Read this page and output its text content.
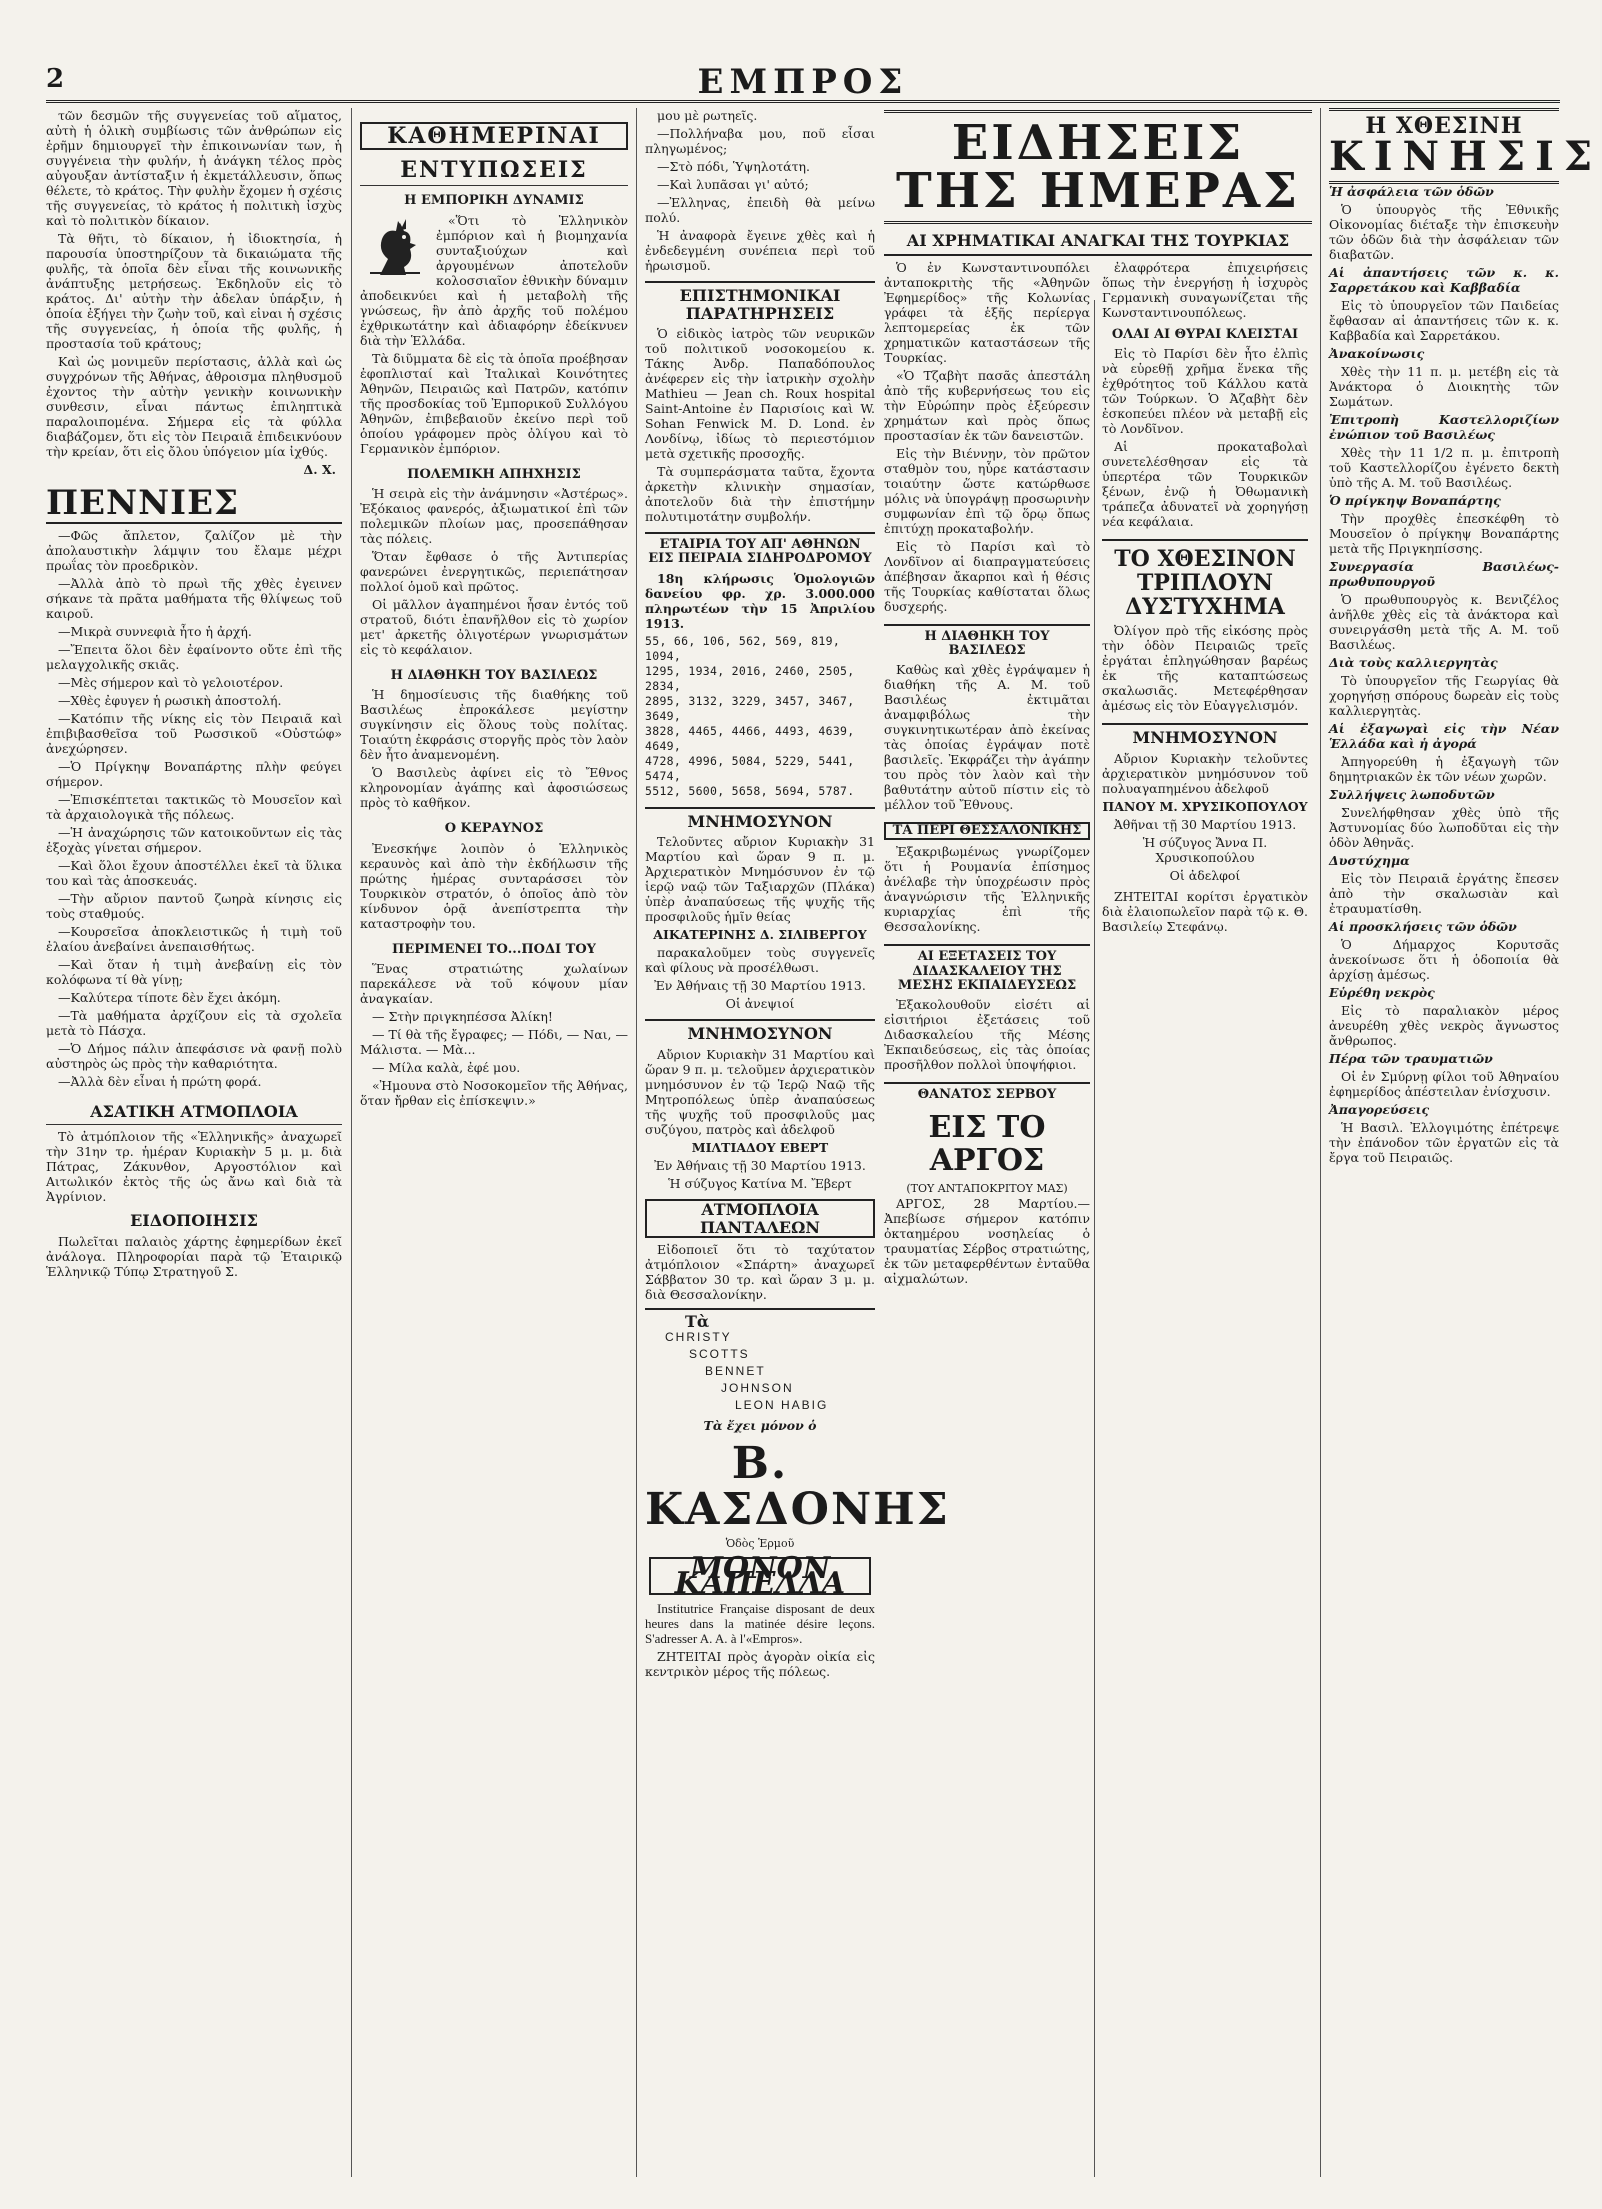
2	ΕΜΠΡΟΣ

τῶν δεσμῶν τῆς συγγενείας τοῦ αἵματος, αὐτὴ ἡ ὁλικὴ συμβίωσις τῶν ἀνθρώπων εἰς ἐρῆμν δημιουργεῖ τὴν ἐπικοινωνίαν των, ἡ συγγένεια τὴν φυλήν, ἡ ἀνάγκη τέλος πρὸς αὐγουξαν ἀντίσταξιν ἡ ἐκμετάλλευσιν, ὅπως θέλετε, τὸ κράτος. Τὴν φυλὴν ἔχομεν ἡ σχέσις τῆς συγγενείας, τὸ κράτος ἡ πολιτικὴ ἰσχὺς καὶ τὸ πολιτικὸν δίκαιον.

Τὰ θῆτι, τὸ δίκαιον, ἡ ἰδιοκτησία, ἡ παρουσία ὑποστηρίζουν τὰ δικαιώματα τῆς φυλῆς, τὰ ὁποῖα δὲν εἶναι τῆς κοινωνικῆς ἀνάπτυξης μετρήσεως. Ἐκδηλοῦν εἰς τὸ κράτος. Δι' αὐτὴν τὴν ἀδελαν ὑπάρξιν, ἡ ὁποία ἐξήγει τὴν ζωὴν τοῦ, καὶ εἰναι ἡ σχέσις τῆς συγγενείας, ἡ ὁποία τῆς φυλῆς, ἡ προστασία τοῦ κράτους;

Καὶ ὡς μονιμεῦν περίστασις, ἀλλὰ καὶ ὡς συγχρόνων τῆς Ἀθήνας, ἀθροισμα πληθυσμοῦ ἐχοντος τὴν αὐτὴν γενικὴν κοινωνικὴν συνθεσιν, εἶναι πάντως ἐπιληπτικὰ παραλοιπομένα. Σήμερα εἰς τὰ φύλλα διαβάζομεν, ὅτι εἰς τὸν Πειραιᾶ ἐπιδεικνύουν τὴν κρείαν, ὅτι εἰς ὄλου ὑπόγειον μία ἰχθύς.

Δ. Χ.
ΠΕΝΝΙΕΣ

—Φῶς ἄπλετον, ζαλίζον μὲ τὴν ἀπολαυστικὴν λάμψιν του ἔλαμε μέχρι πρωΐας τὸν προεδρικὸν.

—Ἀλλὰ ἀπὸ τὸ πρωὶ τῆς χθὲς ἐγεινεν σήκανε τὰ πρᾶτα μαθήματα τῆς θλίψεως τοῦ καιροῦ.

—Μικρὰ συννεφιὰ ἦτο ἡ ἀρχή.

—Ἔπειτα ὅλοι δὲν ἐφαίνοντο οὔτε ἐπὶ τῆς μελαγχολικῆς σκιᾶς.

—Μὲς σήμερον καὶ τὸ γελοιοτέρον.

—Χθὲς ἐφυγεν ἡ ρωσικὴ ἀποστολή.

—Κατόπιν τῆς νίκης εἰς τὸν Πειραιᾶ καὶ ἐπιβιβασθεῖσα τοῦ Ρωσσικοῦ «Οὐστώφ» ἀνεχώρησεν.

—Ὁ Πρίγκηψ Βοναπάρτης πλὴν φεύγει σήμερον.

—Ἐπισκέπτεται τακτικῶς τὸ Μουσεῖον καὶ τὰ ἀρχαιολογικὰ τῆς πόλεως.

—Ἡ ἀναχώρησις τῶν κατοικοῦντων εἰς τὰς ἑξοχὰς γίνεται σήμερον.

—Καὶ ὅλοι ἔχουν ἀποστέλλει ἐκεῖ τὰ ὕλικα του καὶ τὰς ἀποσκευάς.

—Τὴν αὔριον παντοῦ ζωηρὰ κίνησις εἰς τοὺς σταθμούς.

—Κουρσεῖσα ἀποκλειστικῶς ἡ τιμὴ τοῦ ἐλαίου ἀνεβαίνει ἀνεπαισθήτως.

—Καὶ ὅταν ἡ τιμὴ ἀνεβαίνῃ εἰς τὸν κολόφωνα τί θὰ γίνῃ;

—Καλύτερα τίποτε δὲν ἔχει ἀκόμη.

—Τὰ μαθήματα ἀρχίζουν εἰς τὰ σχολεῖα μετὰ τὸ Πάσχα.

—Ὁ Δήμος πάλιν ἀπεφάσισε νὰ φανῇ πολὺ αὐστηρὸς ὡς πρὸς τὴν καθαριότητα.

—Ἀλλὰ δὲν εἶναι ἡ πρώτη φορά.

ΑΣΑΤΙΚΗ ΑΤΜΟΠΛΟΙΑ

Τὸ ἀτμόπλοιον τῆς «Ἑλληνικῆς» ἀναχωρεῖ τὴν 31ην τρ. ἡμέραν Κυριακὴν 5 μ. μ. διὰ Πάτρας, Ζάκυνθον, Αργοστόλιον καὶ Αιτωλικόν ἐκτὸς τῆς ὡς ἄνω καὶ διὰ τὰ Ἀγρίνιον.

ΕΙΔΟΠΟΙΗΣΙΣ

Πωλεῖται παλαιὸς χάρτης ἐφημερίδων ἐκεῖ ἀνάλογα. Πληροφορίαι παρὰ τῷ Ἐταιρικῷ Ἑλληνικῷ Τύπῳ Στρατηγοῦ Σ.

ΚΑΘΗΜΕΡΙΝΑΙ
ΕΝΤΥΠΩΣΕΙΣ
Η ΕΜΠΟΡΙΚΗ ΔΥΝΑΜΙΣ

«Ὅτι τὸ Ἑλληνικὸν ἐμπόριον καὶ ἡ βιομηχανία συνταξιούχων καὶ ἀργουμένων ἀποτελοῦν κολοσσιαῖον ἐθνικὴν δύναμιν ἀποδεικνύει καὶ ἡ μεταβολὴ τῆς γνώσεως, ἣν ἀπὸ ἀρχῆς τοῦ πολέμου ἐχθρικωτάτην καὶ ἀδιαφόρην ἐδείκνυεν διὰ τὴν Ἑλλάδα.

Τὰ διῦμματα δὲ εἰς τὰ ὁποῖα προέβησαν ἐφοπλισταί καὶ Ἰταλικαὶ Κοινότητες Ἀθηνῶν, Πειραιῶς καὶ Πατρῶν, κατόπιν τῆς προσδοκίας τοῦ Ἐμπορικοῦ Συλλόγου Ἀθηνῶν, ἐπιβεβαιοῦν ἐκείνο περὶ τοῦ ὁποίου γράφομεν πρὸς ὀλίγου καὶ τὸ Γερμανικὸν ἐμπόριον.

ΠΟΛΕΜΙΚΗ ΑΠΗΧΗΣΙΣ

Ἡ σειρὰ εἰς τὴν ἀνάμνησιν «Ἀστέρως». Ἐξόκαιος φανερός, ἀξιωματικοί ἐπὶ τῶν πολεμικῶν πλοίων μας, προσεπάθησαν τὰς πόλεις.

Ὅταν ἔφθασε ὁ τῆς Ἀντιπερίας φανερώνει ἐνεργητικῶς, περιεπάτησαν πολλοί ὁμοῦ καὶ πρῶτος.

Οἱ μᾶλλον ἀγαπημένοι ἦσαν ἐντός τοῦ στρατοῦ, διότι ἐπανῆλθον εἰς τὸ χωρίον μετ' ἀρκετῆς ὀλιγοτέρων γνωρισμάτων εἰς τὸ κεφάλαιον.

Η ΔΙΑΘΗΚΗ ΤΟΥ ΒΑΣΙΛΕΩΣ

Ἡ δημοσίευσις τῆς διαθήκης τοῦ Βασιλέως ἐπροκάλεσε μεγίστην συγκίνησιν εἰς ὅλους τοὺς πολίτας. Τοιαύτη ἐκφράσις στοργῆς πρὸς τὸν λαὸν δὲν ἦτο ἀναμενομένη.

Ὁ Βασιλεὺς ἀφίνει εἰς τὸ Ἔθνος κληρονομίαν ἀγάπης καὶ ἀφοσιώσεως πρὸς τὸ καθῆκον.

Ο ΚΕΡΑΥΝΟΣ

Ἐνεσκήψε λοιπὸν ὁ Ἑλληνικὸς κεραυνὸς καὶ ἀπὸ τὴν ἐκδήλωσιν τῆς πρώτης ἡμέρας συνταράσσει τὸν Τουρκικὸν στρατόν, ὁ ὁποῖος ἀπὸ τὸν κίνδυνον ὁρᾷ ἀνεπίστρεπτα τὴν καταστροφὴν του.

ΠΕΡΙΜΕΝΕΙ ΤΟ...ΠΟΔΙ ΤΟΥ

Ἕνας στρατιώτης χωλαίνων παρεκάλεσε νὰ τοῦ κόψουν μίαν ἀναγκαίαν.

— Στὴν πριγκηπέσσα Ἀλίκη!

— Τί θὰ τῆς ἔγραφες; — Πόδι, — Ναι, — Μάλιστα. — Μὰ...

— Μίλα καλὰ, ἐφέ μου.

«Ἠμουνα στὸ Νοσοκομεῖον τῆς Ἀθήνας, ὅταν ἤρθαν εἰς ἐπίσκεψιν.»

μου μὲ ρωτηεῖς.

—Πολλήναβα μου, ποῦ εἶσαι πληγωμένος;

—Στὸ πόδι, Ὑψηλοτάτη.

—Καὶ λυπᾶσαι γι' αὐτό;

—Ἐλληνας, ἐπειδὴ θὰ μείνω πολύ.

Ἡ ἀναφορὰ ἔγεινε χθὲς καὶ ἡ ἐνδεδεγμένη συνέπεια περὶ τοῦ ἡρωισμοῦ.

ΕΠΙΣΤΗΜΟΝΙΚΑΙ ΠΑΡΑΤΗΡΗΣΕΙΣ

Ὁ εἰδικὸς ἰατρὸς τῶν νευρικῶν τοῦ πολιτικοῦ νοσοκομείου κ. Τάκης Ἀνδρ. Παπαδόπουλος ἀνέφερεν εἰς τὴν ἰατρικὴν σχολὴν Mathieu — Jean ch. Roux hospital Saint-Antoine ἐν Παρισίοις καὶ W. Sohan Fenwick Μ. D. Lond. ἐν Λονδίνῳ, ἰδίως τὸ περιεστόμιον μετὰ σχετικῆς προσοχῆς.

Τὰ συμπεράσματα ταῦτα, ἔχοντα ἀρκετὴν κλινικὴν σημασίαν, ἀποτελοῦν διὰ τὴν ἐπιστήμην πολυτιμοτάτην συμβολήν.

ΕΤΑΙΡΙΑ ΤΟΥ ΑΠ' ΑΘΗΝΩΝ ΕΙΣ ΠΕΙΡΑΙΑ ΣΙΔΗΡΟΔΡΟΜΟΥ

18η κλήρωσις Ὁμολογιῶν δανείου φρ. χρ. 3.000.000 πληρωτέων τὴν 15 Ἀπριλίου 1913.

55, 66, 106, 562, 569, 819, 1094,
1295, 1934, 2016, 2460, 2505, 2834,
2895, 3132, 3229, 3457, 3467, 3649,
3828, 4465, 4466, 4493, 4639, 4649,
4728, 4996, 5084, 5229, 5441, 5474,
5512, 5600, 5658, 5694, 5787.
ΜΝΗΜΟΣΥΝΟΝ

Τελοῦντες αὔριον Κυριακὴν 31 Μαρτίου καὶ ὥραν 9 π. μ. Ἀρχιερατικὸν Μνημόσυνον ἐν τῷ ἱερῷ ναῷ τῶν Ταξιαρχῶν (Πλάκα) ὑπὲρ ἀναπαύσεως τῆς ψυχῆς τῆς προσφιλοῦς ἡμῖν θείας

ΑΙΚΑΤΕΡΙΝΗΣ Δ. ΣΙΛΙΒΕΡΓΟΥ

παρακαλοῦμεν τοὺς συγγενεῖς καὶ φίλους νὰ προσέλθωσι.

Ἐν Ἀθήναις τῇ 30 Μαρτίου 1913.

Οἱ ἀνεψιοί

ΜΝΗΜΟΣΥΝΟΝ

Αὔριον Κυριακὴν 31 Μαρτίου καὶ ὥραν 9 π. μ. τελοῦμεν ἀρχιερατικὸν μνημόσυνον ἐν τῷ Ἱερῷ Ναῷ τῆς Μητροπόλεως ὑπὲρ ἀναπαύσεως τῆς ψυχῆς τοῦ προσφιλοῦς μας συζύγου, πατρὸς καὶ ἀδελφοῦ

ΜΙΛΤΙΑΔΟΥ ΕΒΕΡΤ

Ἐν Ἀθήναις τῇ 30 Μαρτίου 1913.

Ἡ σύζυγος Κατίνα Μ. Ἔβερτ

ΑΤΜΟΠΛΟΙΑ ΠΑΝΤΑΛΕΩΝ

Εἰδοποιεῖ ὅτι τὸ ταχύτατον ἀτμόπλοιον «Σπάρτη» ἀναχωρεῖ Σάββατον 30 τρ. καὶ ὥραν 3 μ. μ. διὰ Θεσσαλονίκην.

Τὰ
CHRISTY
SCOTTS
BENNET
JOHNSON
LEON HABIG
Τὰ ἔχει μόνον ὁ
Β. ΚΑΣΔΟΝΗΣ
Ὁδὸς Ἑρμοῦ
ΜΟΝΟΝ ΚΑΠΕΛΛΑ

Institutrice Française disposant de deux heures dans la matinée désire leçons. S'adresser A. A. à l'«Empros».

ΖΗΤΕΙΤΑΙ πρὸς ἀγορὰν οἰκία εἰς κεντρικὸν μέρος τῆς πόλεως.

ΕΙΔΗΣΕΙΣ ΤΗΣ ΗΜΕΡΑΣ
ΑΙ ΧΡΗΜΑΤΙΚΑΙ ΑΝΑΓΚΑΙ ΤΗΣ ΤΟΥΡΚΙΑΣ

Ὁ ἐν Κωνσταντινουπόλει ἀνταποκριτὴς τῆς «Ἀθηνῶν Ἐφημερίδος» τῆς Κολωνίας γράφει τὰ ἑξῆς περίεργα λεπτομερείας ἐκ τῶν χρηματικῶν καταστάσεων τῆς Τουρκίας.

«Ὁ Τζαβὴτ πασᾶς ἀπεστάλη ἀπὸ τῆς κυβερνήσεως του εἰς τὴν Εὐρώπην πρὸς ἐξεύρεσιν χρημάτων καὶ πρὸς ὅπως προστασίαν ἐκ τῶν δανειστῶν.

Εἰς τὴν Βιέννην, τὸν πρῶτον σταθμὸν του, ηὗρε κατάστασιν τοιαύτην ὥστε κατώρθωσε μόλις νὰ ὑπογράψῃ προσωρινὴν συμφωνίαν ἐπὶ τῷ ὅρῳ ὅπως ἐπιτύχῃ προκαταβολήν.

Εἰς τὸ Παρίσι καὶ τὸ Λονδῖνον αἱ διαπραγματεύσεις ἀπέβησαν ἄκαρποι καὶ ἡ θέσις τῆς Τουρκίας καθίσταται ὅλως δυσχερής.

Η ΔΙΑΘΗΚΗ ΤΟΥ ΒΑΣΙΛΕΩΣ

Καθὼς καὶ χθὲς ἐγράψαμεν ἡ διαθήκη τῆς Α. Μ. τοῦ Βασιλέως ἐκτιμᾶται ἀναμφιβόλως τὴν συγκινητικωτέραν ἀπὸ ἐκείνας τὰς ὁποίας ἐγράψαν ποτὲ βασιλεῖς. Ἐκφράζει τὴν ἀγάπην του πρὸς τὸν λαὸν καὶ τὴν βαθυτάτην αὐτοῦ πίστιν εἰς τὸ μέλλον τοῦ Ἔθνους.

ΤΑ ΠΕΡΙ ΘΕΣΣΑΛΟΝΙΚΗΣ

Ἐξακριβωμένως γνωρίζομεν ὅτι ἡ Ρουμανία ἐπίσημος ἀνέλαβε τὴν ὑποχρέωσιν πρὸς ἀναγνώρισιν τῆς Ἑλληνικῆς κυριαρχίας ἐπὶ τῆς Θεσσαλονίκης.

ΑΙ ΕΞΕΤΑΣΕΙΣ ΤΟΥ ΔΙΔΑΣΚΑΛΕΙΟΥ ΤΗΣ ΜΕΣΗΣ ΕΚΠΑΙΔΕΥΣΕΩΣ

Ἐξακολουθοῦν εἰσέτι αἱ εἰσιτήριοι ἐξετάσεις τοῦ Διδασκαλείου τῆς Μέσης Ἐκπαιδεύσεως, εἰς τὰς ὁποίας προσῆλθον πολλοὶ ὑποψήφιοι.

ΘΑΝΑΤΟΣ ΣΕΡΒΟΥ
ΕΙΣ ΤΟ ΑΡΓΟΣ
(ΤΟΥ ΑΝΤΑΠΟΚΡΙΤΟΥ ΜΑΣ)

ΑΡΓΟΣ, 28 Μαρτίου.—Ἀπεβίωσε σήμερον κατόπιν ὀκταημέρου νοσηλείας ὁ τραυματίας Σέρβος στρατιώτης, ἐκ τῶν μεταφερθέντων ἐνταῦθα αἰχμαλώτων.

ἐλαφρότερα ἐπιχειρήσεις ὅπως τὴν ἐνεργήσῃ ἡ ἰσχυρὸς Γερμανικὴ συναγωνίζεται τῆς Κωνσταντινουπόλεως.

ΟΛΑΙ ΑΙ ΘΥΡΑΙ ΚΛΕΙΣΤΑΙ

Εἰς τὸ Παρίσι δὲν ἦτο ἐλπὶς νὰ εὑρεθῇ χρῆμα ἕνεκα τῆς ἐχθρότητος τοῦ Κάλλου κατὰ τῶν Τούρκων. Ὁ Ἀζαβὴτ δὲν ἐσκοπεύει πλέον νὰ μεταβῇ εἰς τὸ Λονδῖνον.

Αἱ προκαταβολαὶ συνετελέσθησαν εἰς τὰ ὑπερτέρα τῶν Τουρκικῶν ξένων, ἐνῷ ἡ Ὀθωμανικὴ τράπεζα ἀδυνατεῖ νὰ χορηγήσῃ νέα κεφάλαια.

ΤΟ ΧΘΕΣΙΝΟΝ ΤΡΙΠΛΟΥΝ ΔΥΣΤΥΧΗΜΑ

Ὀλίγον πρὸ τῆς εἰκόσης πρὸς τὴν ὁδὸν Πειραιῶς τρεῖς ἐργάται ἐπληγώθησαν βαρέως ἐκ τῆς καταπτώσεως σκαλωσιᾶς. Μετεφέρθησαν ἀμέσως εἰς τὸν Εὐαγγελισμόν.

ΜΝΗΜΟΣΥΝΟΝ

Αὔριον Κυριακὴν τελοῦντες ἀρχιερατικὸν μνημόσυνον τοῦ πολυαγαπημένου ἀδελφοῦ

ΠΑΝΟΥ Μ. ΧΡΥΣΙΚΟΠΟΥΛΟΥ

Ἀθῆναι τῇ 30 Μαρτίου 1913.

Ἡ σύζυγος Ἄννα Π. Χρυσικοπούλου

Οἱ ἀδελφοί

ΖΗΤΕΙΤΑΙ κορίτσι ἐργατικὸν διὰ ἐλαιοπωλεῖον παρὰ τῷ κ. Θ. Βασιλείῳ Στεφάνῳ.

Η ΧΘΕΣΙΝΗ
ΚΙΝΗΣΙΣ

Ἡ ἀσφάλεια τῶν ὁδῶν

Ὁ ὑπουργὸς τῆς Ἐθνικῆς Οἰκονομίας διέταξε τὴν ἐπισκευὴν τῶν ὁδῶν διὰ τὴν ἀσφάλειαν τῶν διαβατῶν.

Αἱ ἀπαντήσεις τῶν κ. κ. Σαρρετάκου καὶ Καββαδία

Εἰς τὸ ὑπουργεῖον τῶν Παιδείας ἔφθασαν αἱ ἀπαντήσεις τῶν κ. κ. Καββαδία καὶ Σαρρετάκου.

Ἀνακοίνωσις

Χθὲς τὴν 11 π. μ. μετέβη εἰς τὰ Ἀνάκτορα ὁ Διοικητὴς τῶν Σωμάτων.

Ἐπιτροπὴ Καστελλοριζίων ἐνώπιον τοῦ Βασιλέως

Χθὲς τὴν 11 1/2 π. μ. ἐπιτροπὴ τοῦ Καστελλορίζου ἐγένετο δεκτὴ ὑπὸ τῆς Α. Μ. τοῦ Βασιλέως.

Ὁ πρίγκηψ Βοναπάρτης

Τὴν προχθὲς ἐπεσκέφθη τὸ Μουσεῖον ὁ πρίγκηψ Βοναπάρτης μετὰ τῆς Πριγκηπίσσης.

Συνεργασία Βασιλέως-πρωθυπουργοῦ

Ὁ πρωθυπουργὸς κ. Βενιζέλος ἀνῆλθε χθὲς εἰς τὰ ἀνάκτορα καὶ συνειργάσθη μετὰ τῆς Α. Μ. τοῦ Βασιλέως.

Διὰ τοὺς καλλιεργητὰς

Τὸ ὑπουργεῖον τῆς Γεωργίας θὰ χορηγήσῃ σπόρους δωρεὰν εἰς τοὺς καλλιεργητὰς.

Αἱ ἐξαγωγαὶ εἰς τὴν Νέαν Ἑλλάδα καὶ ἡ ἀγορά

Ἀπηγορεύθη ἡ ἐξαγωγὴ τῶν δημητριακῶν ἐκ τῶν νέων χωρῶν.

Συλλήψεις λωποδυτῶν

Συνελήφθησαν χθὲς ὑπὸ τῆς Ἀστυνομίας δύο λωποδῦται εἰς τὴν ὁδὸν Ἀθηνᾶς.

Δυστύχημα

Εἰς τὸν Πειραιᾶ ἐργάτης ἔπεσεν ἀπὸ τὴν σκαλωσιὰν καὶ ἐτραυματίσθη.

Αἱ προσκλήσεις τῶν ὁδῶν

Ὁ Δήμαρχος Κορυτσᾶς ἀνεκοίνωσε ὅτι ἡ ὁδοποιία θὰ ἀρχίσῃ ἀμέσως.

Εὑρέθη νεκρὸς

Εἰς τὸ παραλιακὸν μέρος ἀνευρέθη χθὲς νεκρὸς ἄγνωστος ἄνθρωπος.

Πέρα τῶν τραυματιῶν

Οἱ ἐν Σμύρνῃ φίλοι τοῦ Ἀθηναίου ἐφημερίδος ἀπέστειλαν ἐνίσχυσιν.

Ἀπαγορεύσεις

Ἡ Βασιλ. Ἐλλογιμότης ἐπέτρεψε τὴν ἐπάνοδον τῶν ἐργατῶν εἰς τὰ ἔργα τοῦ Πειραιῶς.
